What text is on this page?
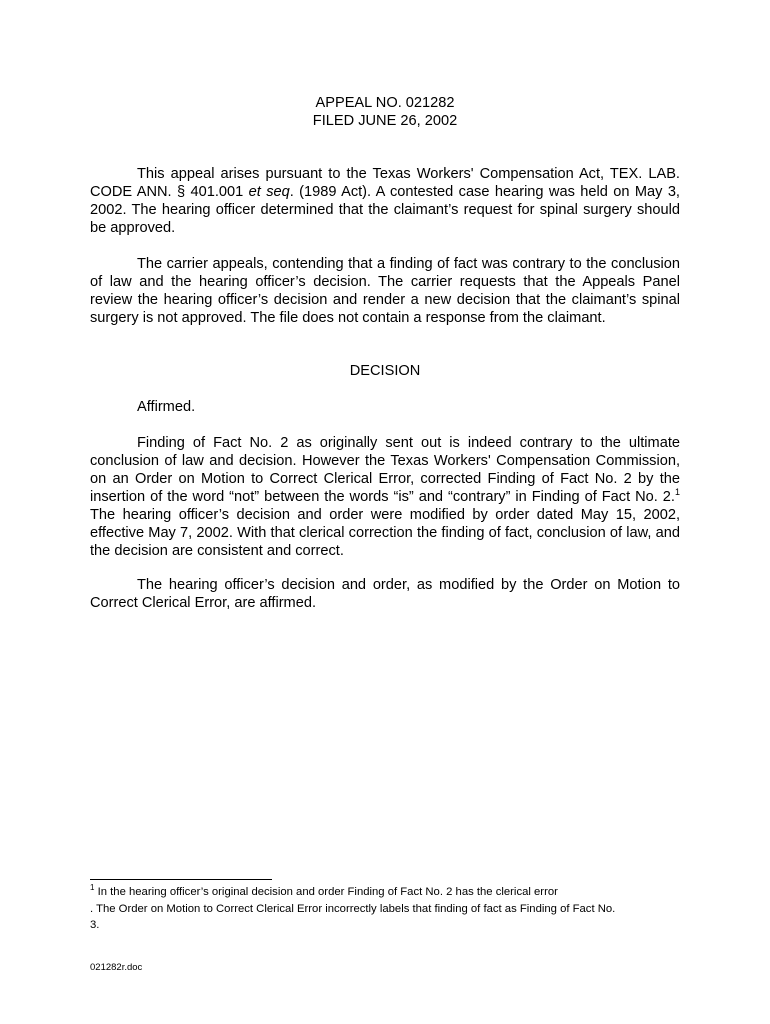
APPEAL NO. 021282

FILED JUNE 26, 2002

This appeal arises pursuant to the Texas Workers' Compensation Act, TEX. LAB. CODE ANN. § 401.001 et seq. (1989 Act). A contested case hearing was held on May 3, 2002. The hearing officer determined that the claimant’s request for spinal surgery should be approved.

The carrier appeals, contending that a finding of fact was contrary to the conclusion of law and the hearing officer’s decision. The carrier requests that the Appeals Panel review the hearing officer’s decision and render a new decision that the claimant’s spinal surgery is not approved. The file does not contain a response from the claimant.

DECISION

Affirmed.

Finding of Fact No. 2 as originally sent out is indeed contrary to the ultimate conclusion of law and decision. However the Texas Workers' Compensation Commission, on an Order on Motion to Correct Clerical Error, corrected Finding of Fact No. 2 by the insertion of the word “not” between the words “is” and “contrary” in Finding of Fact No. 2.$^1$ The hearing officer’s decision and order were modified by order dated May 15, 2002, effective May 7, 2002. With that clerical correction the finding of fact, conclusion of law, and the decision are consistent and correct.

The hearing officer’s decision and order, as modified by the Order on Motion to Correct Clerical Error, are affirmed.

$^1$ In the hearing officer’s original decision and order Finding of Fact No. 2 has the clerical error

. The Order on Motion to Correct Clerical Error incorrectly labels that finding of fact as Finding of Fact No.

3.

021282r.doc
